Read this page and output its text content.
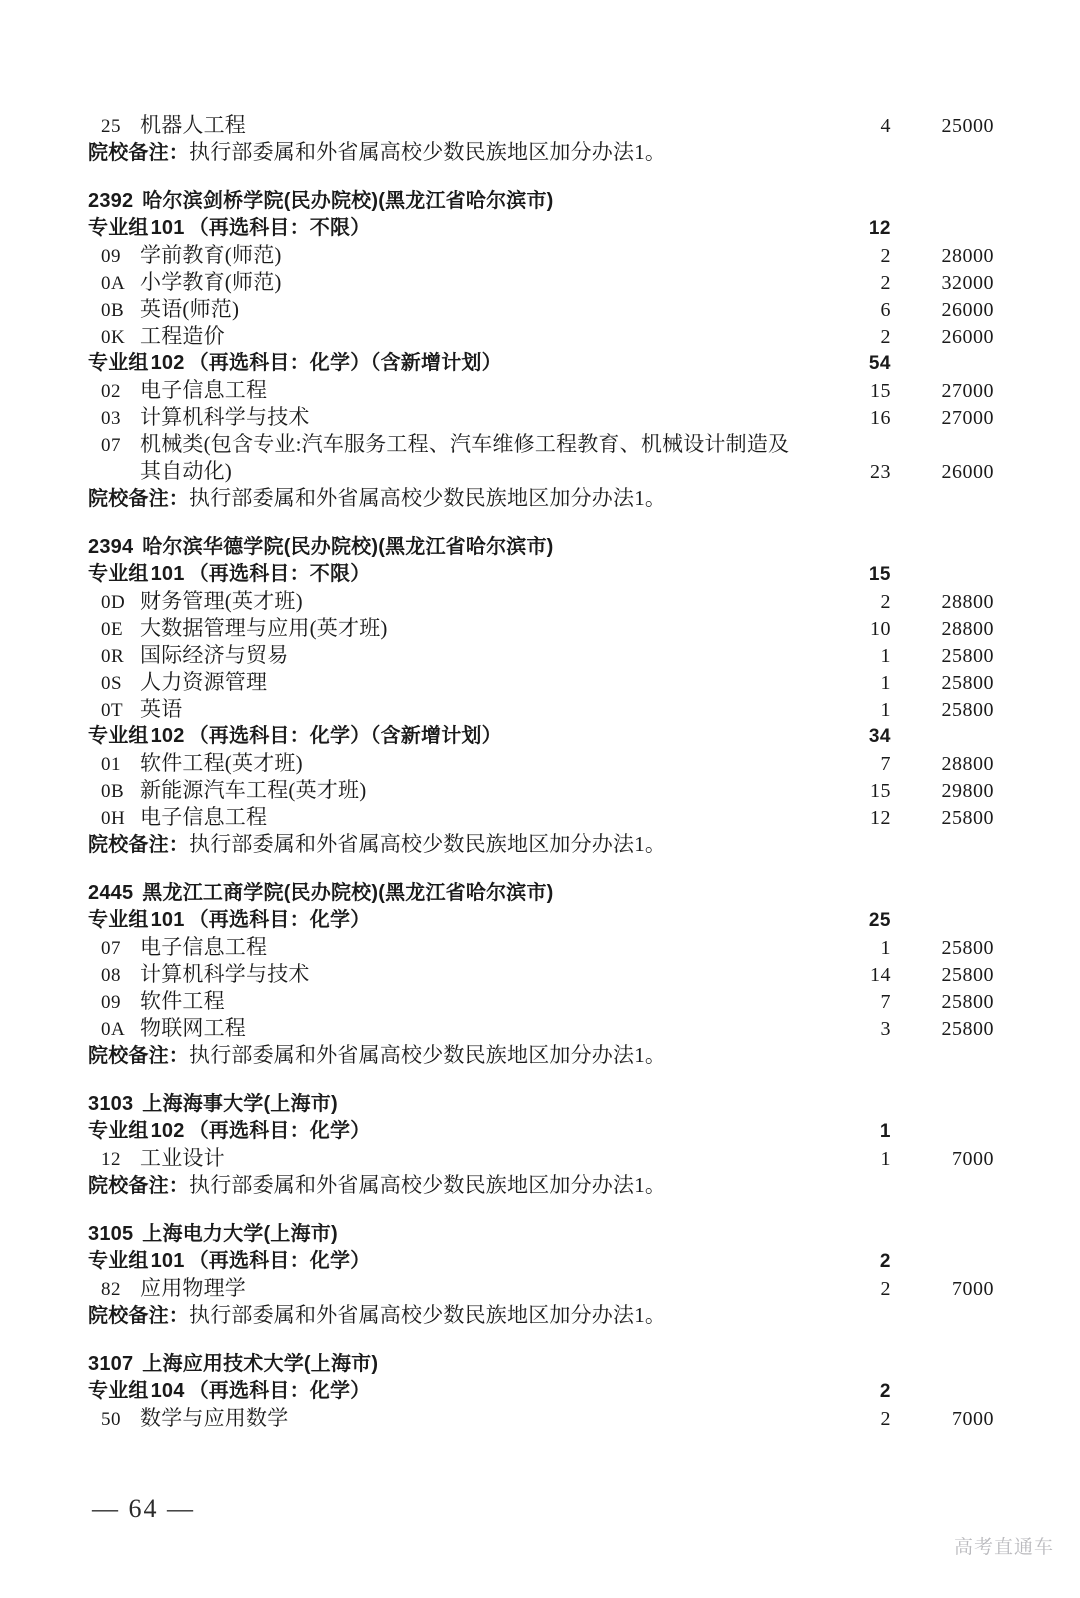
25 机器人工程	4	25000
院校备注：执行部委属和外省属高校少数民族地区加分办法1。
2392 哈尔滨剑桥学院(民办院校)(黑龙江省哈尔滨市)
专业组 101 （再选科目：不限）	12
09 学前教育(师范)	2	28000
0A 小学教育(师范)	2	32000
0B 英语(师范)	6	26000
0K 工程造价	2	26000
专业组 102 （再选科目：化学）（含新增计划）	54
02 电子信息工程	15	27000
03 计算机科学与技术	16	27000
07 机械类(包含专业:汽车服务工程、汽车维修工程教育、机械设计制造及
其自动化)	23	26000
院校备注：执行部委属和外省属高校少数民族地区加分办法1。
2394 哈尔滨华德学院(民办院校)(黑龙江省哈尔滨市)
专业组 101 （再选科目：不限）	15
0D 财务管理(英才班)	2	28800
0E 大数据管理与应用(英才班)	10	28800
0R 国际经济与贸易	1	25800
0S 人力资源管理	1	25800
0T 英语	1	25800
专业组 102 （再选科目：化学）（含新增计划）	34
01 软件工程(英才班)	7	28800
0B 新能源汽车工程(英才班)	15	29800
0H 电子信息工程	12	25800
院校备注：执行部委属和外省属高校少数民族地区加分办法1。
2445 黑龙江工商学院(民办院校)(黑龙江省哈尔滨市)
专业组 101 （再选科目：化学）	25
07 电子信息工程	1	25800
08 计算机科学与技术	14	25800
09 软件工程	7	25800
0A 物联网工程	3	25800
院校备注：执行部委属和外省属高校少数民族地区加分办法1。
3103 上海海事大学(上海市)
专业组 102 （再选科目：化学）	1
12 工业设计	1	7000
院校备注：执行部委属和外省属高校少数民族地区加分办法1。
3105 上海电力大学(上海市)
专业组 101 （再选科目：化学）	2
82 应用物理学	2	7000
院校备注：执行部委属和外省属高校少数民族地区加分办法1。
3107 上海应用技术大学(上海市)
专业组 104 （再选科目：化学）	2
50 数学与应用数学	2	7000
— 64 —
高考直通车
